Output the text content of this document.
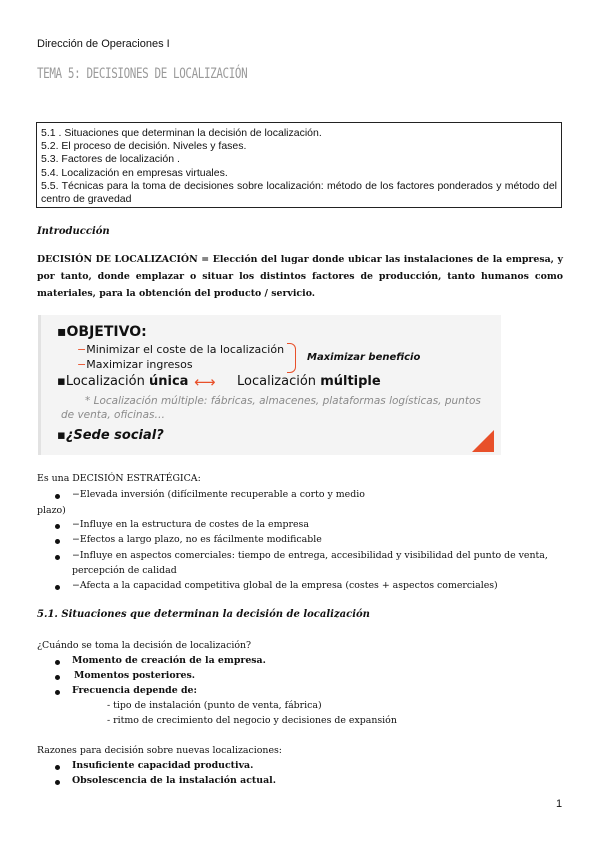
Dirección de Operaciones I
TEMA 5: DECISIONES DE LOCALIZACIÓN
5.1 . Situaciones que determinan la decisión de localización.
5.2. El proceso de decisión. Niveles y fases.
5.3. Factores de localización .
5.4. Localización en empresas virtuales.
5.5. Técnicas para la toma de decisiones sobre localización: método de los factores ponderados y método del centro de gravedad
Introducción
DECISIÓN DE LOCALIZACIÓN = Elección del lugar donde ubicar las instalaciones de la empresa, y por tanto, donde emplazar o situar los distintos factores de producción, tanto humanos como materiales, para la obtención del producto / servicio.
▪OBJETIVO:
−Minimizar el coste de la localización
−Maximizar ingresos
Maximizar beneficio
▪Localización única ⟷ Localización múltiple
* Localización múltiple: fábricas, almacenes, plataformas logísticas, puntos
de venta, oficinas…
▪¿Sede social?
Es una DECISIÓN ESTRATÉGICA:
−Elevada inversión (difícilmente recuperable a corto y medio
plazo)
−Influye en la estructura de costes de la empresa
−Efectos a largo plazo, no es fácilmente modificable
−Influye en aspectos comerciales: tiempo de entrega, accesibilidad y visibilidad del punto de venta,
percepción de calidad
−Afecta a la capacidad competitiva global de la empresa (costes + aspectos comerciales)
5.1. Situaciones que determinan la decisión de localización
¿Cuándo se toma la decisión de localización?
Momento de creación de la empresa.
Momentos posteriores.
Frecuencia depende de:
- tipo de instalación (punto de venta, fábrica)
- ritmo de crecimiento del negocio y decisiones de expansión
Razones para decisión sobre nuevas localizaciones:
Insuficiente capacidad productiva.
Obsolescencia de la instalación actual.
1
